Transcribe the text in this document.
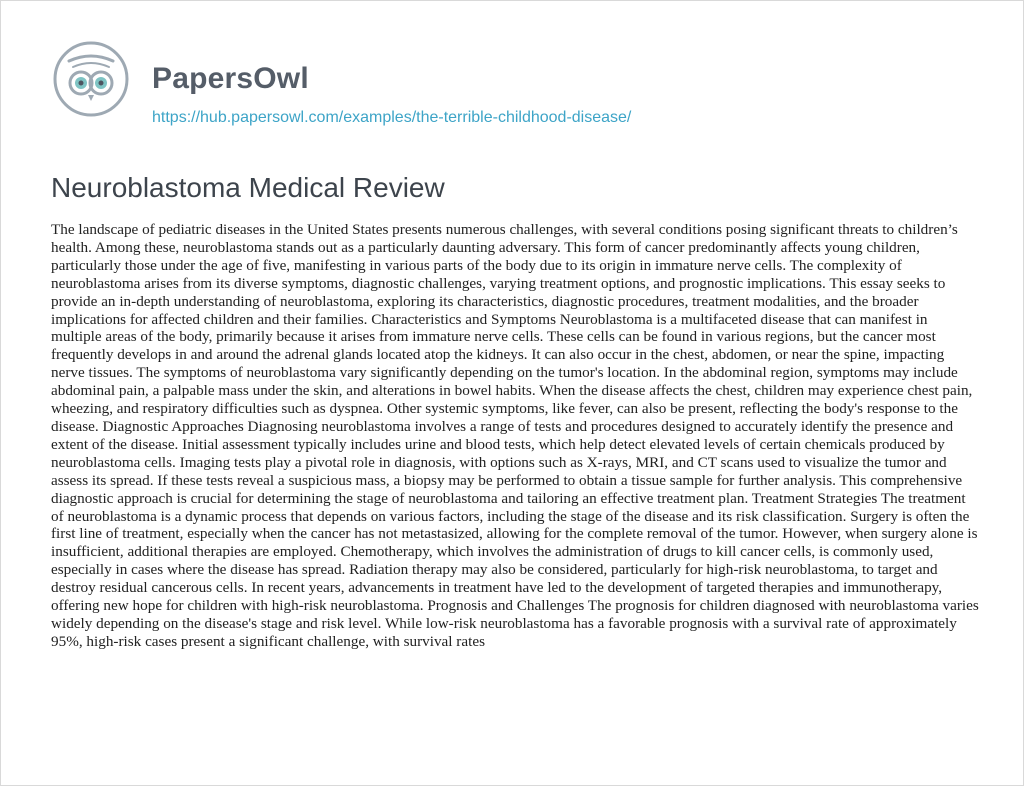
PapersOwl
https://hub.papersowl.com/examples/the-terrible-childhood-disease/
Neuroblastoma Medical Review

The landscape of pediatric diseases in the United States presents numerous challenges, with several conditions posing significant threats to children’s health. Among these, neuroblastoma stands out as a particularly daunting adversary. This form of cancer predominantly affects young children, particularly those under the age of five, manifesting in various parts of the body due to its origin in immature nerve cells. The complexity of neuroblastoma arises from its diverse symptoms, diagnostic challenges, varying treatment options, and prognostic implications. This essay seeks to provide an in-depth understanding of neuroblastoma, exploring its characteristics, diagnostic procedures, treatment modalities, and the broader implications for affected children and their families. Characteristics and Symptoms Neuroblastoma is a multifaceted disease that can manifest in multiple areas of the body, primarily because it arises from immature nerve cells. These cells can be found in various regions, but the cancer most frequently develops in and around the adrenal glands located atop the kidneys. It can also occur in the chest, abdomen, or near the spine, impacting nerve tissues. The symptoms of neuroblastoma vary significantly depending on the tumor's location. In the abdominal region, symptoms may include abdominal pain, a palpable mass under the skin, and alterations in bowel habits. When the disease affects the chest, children may experience chest pain, wheezing, and respiratory difficulties such as dyspnea. Other systemic symptoms, like fever, can also be present, reflecting the body's response to the disease. Diagnostic Approaches Diagnosing neuroblastoma involves a range of tests and procedures designed to accurately identify the presence and extent of the disease. Initial assessment typically includes urine and blood tests, which help detect elevated levels of certain chemicals produced by neuroblastoma cells. Imaging tests play a pivotal role in diagnosis, with options such as X-rays, MRI, and CT scans used to visualize the tumor and assess its spread. If these tests reveal a suspicious mass, a biopsy may be performed to obtain a tissue sample for further analysis. This comprehensive diagnostic approach is crucial for determining the stage of neuroblastoma and tailoring an effective treatment plan. Treatment Strategies The treatment of neuroblastoma is a dynamic process that depends on various factors, including the stage of the disease and its risk classification. Surgery is often the first line of treatment, especially when the cancer has not metastasized, allowing for the complete removal of the tumor. However, when surgery alone is insufficient, additional therapies are employed. Chemotherapy, which involves the administration of drugs to kill cancer cells, is commonly used, especially in cases where the disease has spread. Radiation therapy may also be considered, particularly for high-risk neuroblastoma, to target and destroy residual cancerous cells. In recent years, advancements in treatment have led to the development of targeted therapies and immunotherapy, offering new hope for children with high-risk neuroblastoma. Prognosis and Challenges The prognosis for children diagnosed with neuroblastoma varies widely depending on the disease's stage and risk level. While low-risk neuroblastoma has a favorable prognosis with a survival rate of approximately 95%, high-risk cases present a significant challenge, with survival rates
